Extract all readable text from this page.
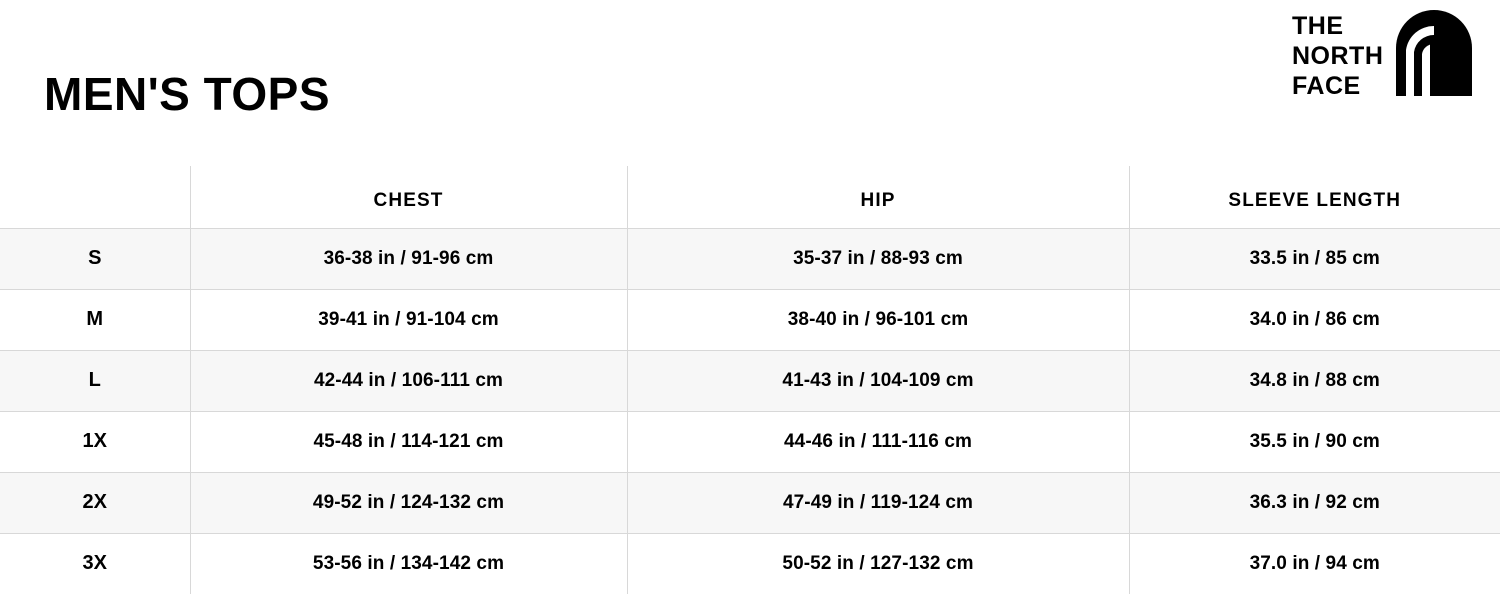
MEN'S TOPS
THE
NORTH
FACE
	CHEST	HIP	SLEEVE LENGTH
S	36-38 in / 91-96 cm	35-37 in / 88-93 cm	33.5 in / 85 cm
M	39-41 in / 91-104 cm	38-40 in / 96-101 cm	34.0 in / 86 cm
L	42-44 in / 106-111 cm	41-43 in / 104-109 cm	34.8 in / 88 cm
1X	45-48 in / 114-121 cm	44-46 in / 111-116 cm	35.5 in / 90 cm
2X	49-52 in / 124-132 cm	47-49 in / 119-124 cm	36.3 in / 92 cm
3X	53-56 in / 134-142 cm	50-52 in / 127-132 cm	37.0 in / 94 cm
